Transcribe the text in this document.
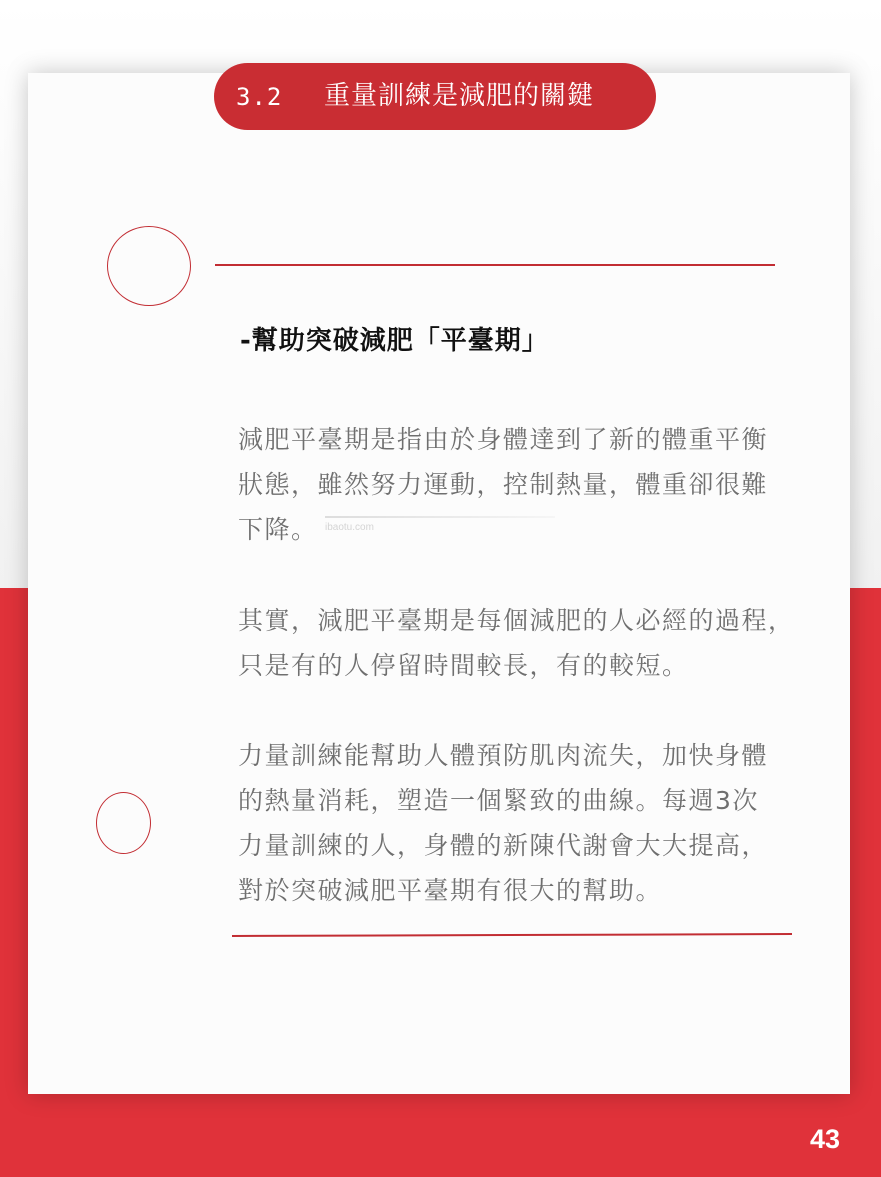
3.2 重量訓練是減肥的關鍵
-幫助突破減肥「平臺期」

減肥平臺期是指由於身體達到了新的體重平衡
狀態，雖然努力運動，控制熱量，體重卻很難
下降。 ibaotu.com

其實，減肥平臺期是每個減肥的人必經的過程，
只是有的人停留時間較長，有的較短。

力量訓練能幫助人體預防肌肉流失，加快身體
的熱量消耗，塑造一個緊致的曲線。每週3次
力量訓練的人，身體的新陳代謝會大大提高，
對於突破減肥平臺期有很大的幫助。

43
